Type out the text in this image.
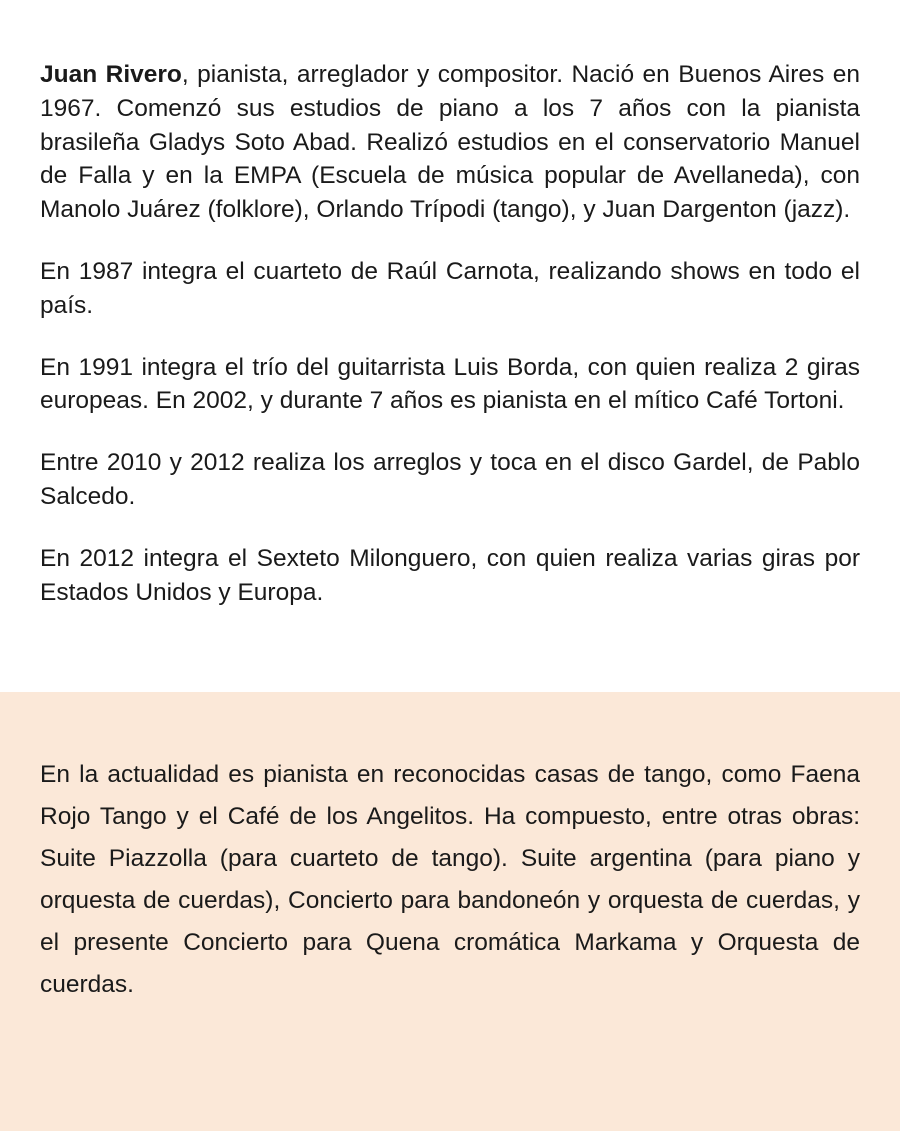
Juan Rivero, pianista, arreglador y compositor. Nació en Buenos Aires en 1967. Comenzó sus estudios de piano a los 7 años con la pianista brasileña Gladys Soto Abad. Realizó estudios en el conservatorio Manuel de Falla y en la EMPA (Escuela de música popular de Avellaneda), con Manolo Juárez (folklore), Orlando Trípodi (tango), y Juan Dargenton (jazz).

En 1987 integra el cuarteto de Raúl Carnota, realizando shows en todo el país.

En 1991 integra el trío del guitarrista Luis Borda, con quien realiza 2 giras europeas. En 2002, y durante 7 años es pianista en el mítico Café Tortoni.

Entre 2010 y 2012 realiza los arreglos y toca en el disco Gardel, de Pablo Salcedo.

En 2012 integra el Sexteto Milonguero, con quien realiza varias giras por Estados Unidos y Europa.

En la actualidad es pianista en reconocidas casas de tango, como Faena Rojo Tango y el Café de los Angelitos. Ha compuesto, entre otras obras: Suite Piazzolla (para cuarteto de tango). Suite argentina (para piano y orquesta de cuerdas), Concierto para bandoneón y orquesta de cuerdas, y el presente Concierto para Quena cromática Markama y Orquesta de cuerdas.
